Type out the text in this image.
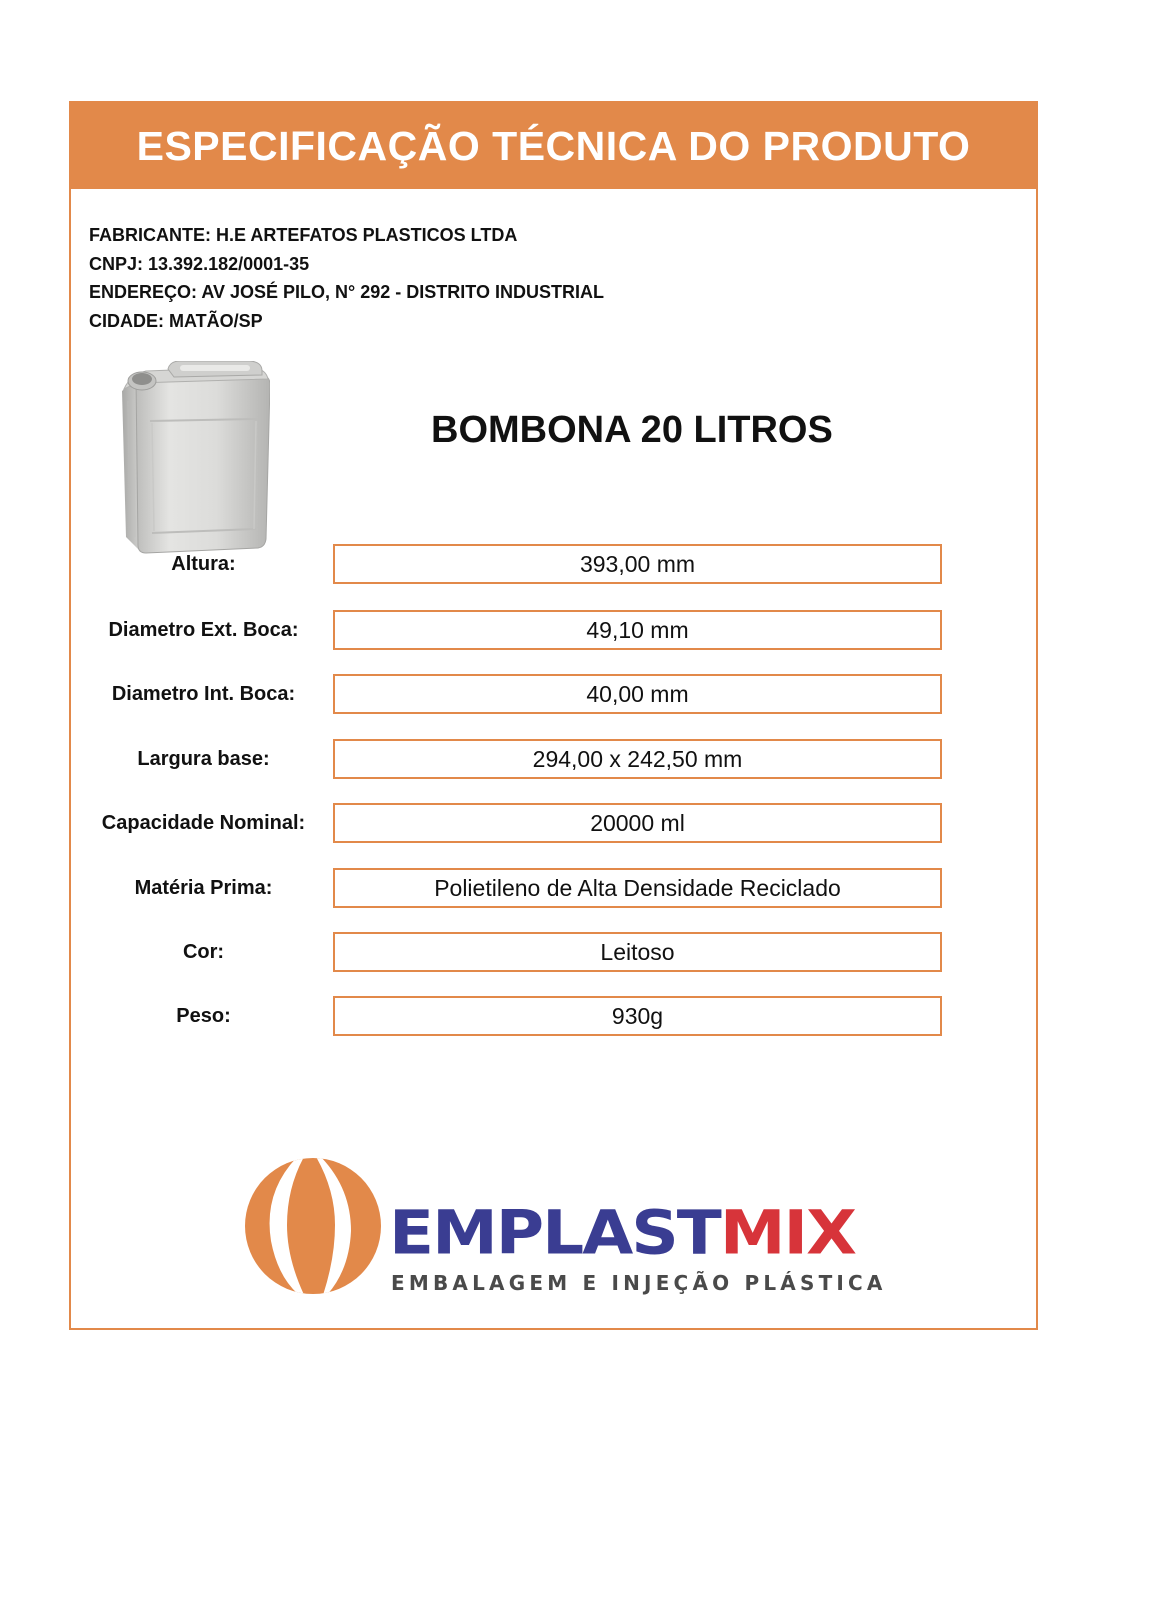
ESPECIFICAÇÃO TÉCNICA DO PRODUTO
FABRICANTE: H.E ARTEFATOS PLASTICOS LTDA
CNPJ: 13.392.182/0001-35
ENDEREÇO: AV JOSÉ PILO, N° 292 - DISTRITO INDUSTRIAL
CIDADE: MATÃO/SP
BOMBONA 20 LITROS
Altura:	393,00 mm
Diametro Ext. Boca:	49,10 mm
Diametro Int. Boca:	40,00 mm
Largura base:	294,00 x 242,50 mm
Capacidade Nominal:	20000 ml
Matéria Prima:	Polietileno de Alta Densidade Reciclado
Cor:	Leitoso
Peso:	930g
EMPLASTMIX
EMBALAGEM E INJEÇÃO PLÁSTICA
